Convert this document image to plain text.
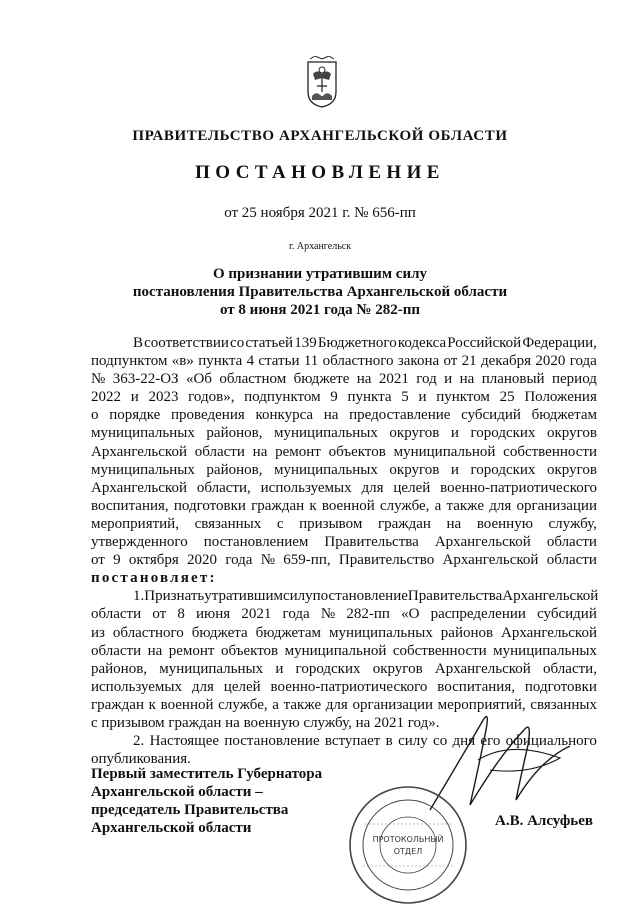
ПРАВИТЕЛЬСТВО АРХАНГЕЛЬСКОЙ ОБЛАСТИ
ПОСТАНОВЛЕНИЕ
от 25 ноября 2021 г. № 656-пп
г. Архангельск
О признании утратившим силу
постановления Правительства Архангельской области
от 8 июня 2021 года № 282-пп
В соответствии со статьей 139 Бюджетного кодекса Российской Федерации,
подпунктом «в» пункта 4 статьи 11 областного закона от 21 декабря 2020 года
№ 363-22-ОЗ «Об областном бюджете на 2021 год и на плановый период
2022 и 2023 годов», подпунктом 9 пункта 5 и пунктом 25 Положения
о порядке проведения конкурса на предоставление субсидий бюджетам
муниципальных районов, муниципальных округов и городских округов
Архангельской области на ремонт объектов муниципальной собственности
муниципальных районов, муниципальных округов и городских округов
Архангельской области, используемых для целей военно-патриотического
воспитания, подготовки граждан к военной службе, а также для организации
мероприятий, связанных с призывом граждан на военную службу,
утвержденного постановлением Правительства Архангельской области
от 9 октября 2020 года № 659-пп, Правительство Архангельской области
постановляет:
1. Признать утратившим силу постановление Правительства Архангельской
области от 8 июня 2021 года № 282-пп «О распределении субсидий
из областного бюджета бюджетам муниципальных районов Архангельской
области на ремонт объектов муниципальной собственности муниципальных
районов, муниципальных и городских округов Архангельской области,
используемых для целей военно-патриотического воспитания, подготовки
граждан к военной службе, а также для организации мероприятий, связанных
с призывом граждан на военную службу, на 2021 год».
2. Настоящее постановление вступает в силу со дня его официального
опубликования.
Первый заместитель Губернатора
Архангельской области –
председатель Правительства
Архангельской области	А.В. Алсуфьев
ПРОТОКОЛЬНЫЙ
ОТДЕЛ
